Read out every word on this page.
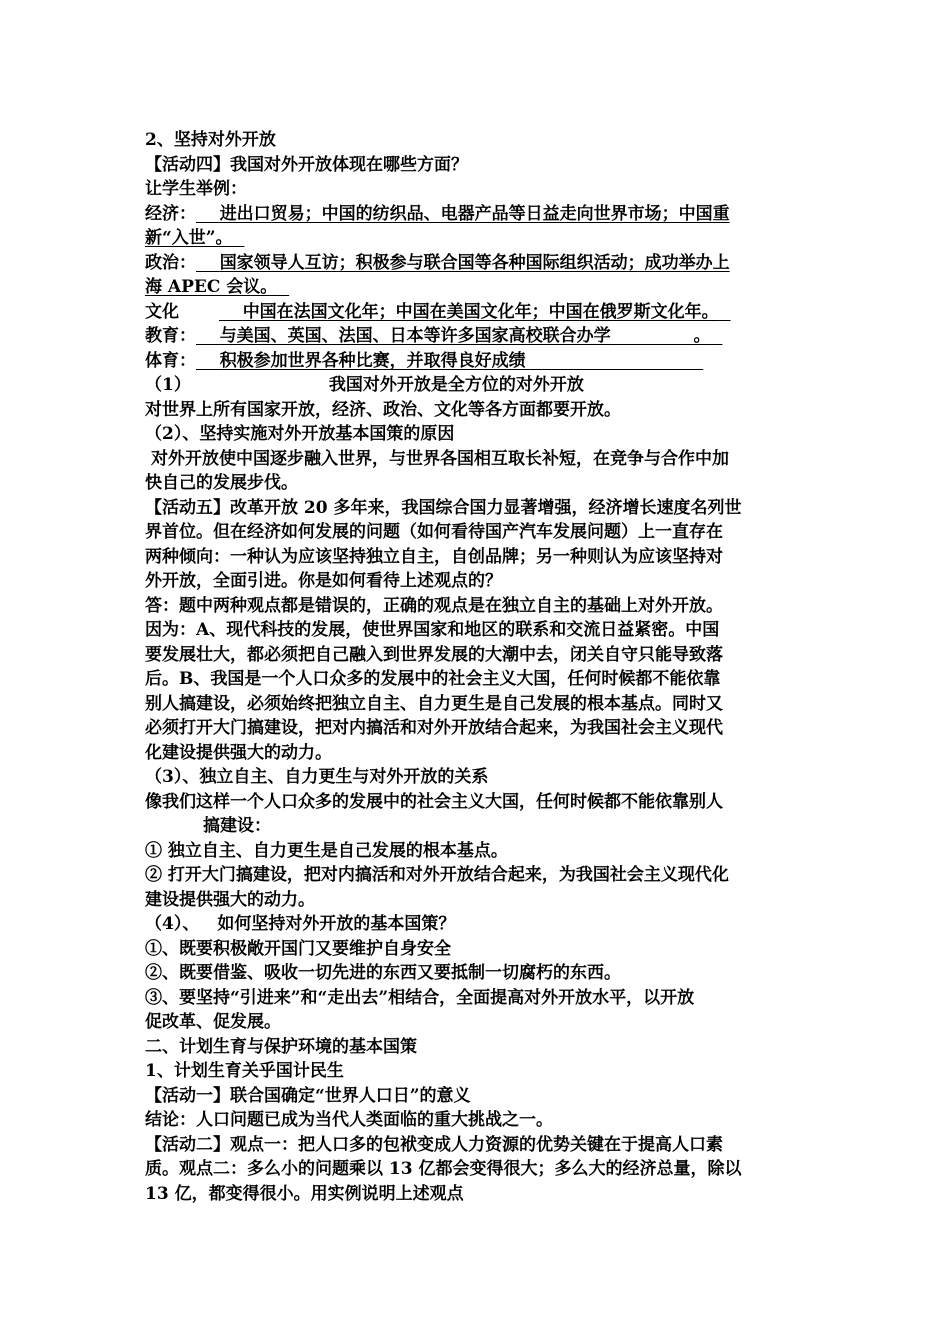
2、坚持对外开放

【活动四】我国对外开放体现在哪些方面？

让学生举例：

经济： 进出口贸易；中国的纺织品、电器产品等日益走向世界市场；中国重

新“入世”。

政治： 国家领导人互访；积极参与联合国等各种国际组织活动；成功举办上

海 APEC 会议。

文化	中国在法国文化年；中国在美国文化年；中国在俄罗斯文化年。

教育： 与美国、英国、法国、日本等许多国家高校联合办学	。

体育： 积极参加世界各种比赛，并取得良好成绩

（1）	我国对外开放是全方位的对外开放

对世界上所有国家开放，经济、政治、文化等各方面都要开放。

（2）、坚持实施对外开放基本国策的原因

对外开放使中国逐步融入世界，与世界各国相互取长补短，在竞争与合作中加

快自己的发展步伐。

【活动五】改革开放 20 多年来，我国综合国力显著增强，经济增长速度名列世

界首位。但在经济如何发展的问题（如何看待国产汽车发展问题）上一直存在

两种倾向：一种认为应该坚持独立自主，自创品牌；另一种则认为应该坚持对

外开放，全面引进。你是如何看待上述观点的？

答：题中两种观点都是错误的，正确的观点是在独立自主的基础上对外开放。

因为：A、现代科技的发展，使世界国家和地区的联系和交流日益紧密。中国

要发展壮大，都必须把自己融入到世界发展的大潮中去，闭关自守只能导致落

后。B、我国是一个人口众多的发展中的社会主义大国，任何时候都不能依靠

别人搞建设，必须始终把独立自主、自力更生是自己发展的根本基点。同时又

必须打开大门搞建设，把对内搞活和对外开放结合起来，为我国社会主义现代

化建设提供强大的动力。

（3）、独立自主、自力更生与对外开放的关系

像我们这样一个人口众多的发展中的社会主义大国，任何时候都不能依靠别人

搞建设：

① 独立自主、自力更生是自己发展的根本基点。

② 打开大门搞建设，把对内搞活和对外开放结合起来，为我国社会主义现代化

建设提供强大的动力。

（4）、 如何坚持对外开放的基本国策？

①、既要积极敞开国门又要维护自身安全

②、既要借鉴、吸收一切先进的东西又要抵制一切腐朽的东西。

③、要坚持“引进来”和“走出去”相结合，全面提高对外开放水平，以开放

促改革、促发展。

二、计划生育与保护环境的基本国策

1、计划生育关乎国计民生

【活动一】联合国确定“世界人口日”的意义

结论：人口问题已成为当代人类面临的重大挑战之一。

【活动二】观点一：把人口多的包袱变成人力资源的优势关键在于提高人口素

质。观点二：多么小的问题乘以 13 亿都会变得很大；多么大的经济总量，除以

13 亿，都变得很小。用实例说明上述观点
